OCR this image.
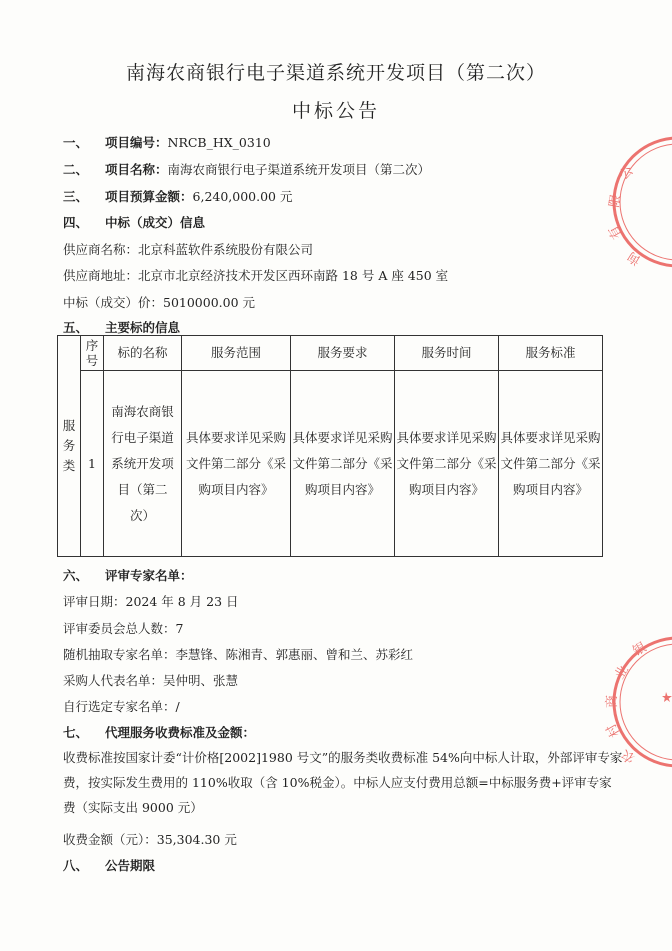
南海农商银行电子渠道系统开发项目（第二次）
中标公告
一、 项目编号：NRCB_HX_0310
二、 项目名称：南海农商银行电子渠道系统开发项目（第二次）
三、 项目预算金额：6,240,000.00 元
四、 中标（成交）信息
供应商名称：北京科蓝软件系统股份有限公司
供应商地址：北京市北京经济技术开发区西环南路 18 号 A 座 450 室
中标（成交）价：5010000.00 元
五、 主要标的信息
服务类	序号	标的名称	服务范围	服务要求	服务时间	服务标准
	1	南海农商银行电子渠道系统开发项目（第二次）	具体要求详见采购文件第二部分《采购项目内容》	具体要求详见采购文件第二部分《采购项目内容》	具体要求详见采购文件第二部分《采购项目内容》	具体要求详见采购文件第二部分《采购项目内容》
六、 评审专家名单：
评审日期：2024 年 8 月 23 日
评审委员会总人数：7
随机抽取专家名单：李慧锋、陈湘青、郭惠丽、曾和兰、苏彩红
采购人代表名单：吴仲明、张慧
自行选定专家名单：/
七、 代理服务收费标准及金额：
收费标准按国家计委“计价格[2002]1980 号文”的服务类收费标准 54%向中标人计取，外部评审专家费，按实际发生费用的 110%收取（含 10%税金）。中标人应支付费用总额=中标服务费+评审专家费（实际支出 9000 元）
收费金额（元）：35,304.30 元
八、 公告期限
公
限
有
询
银
业
商
村
农
